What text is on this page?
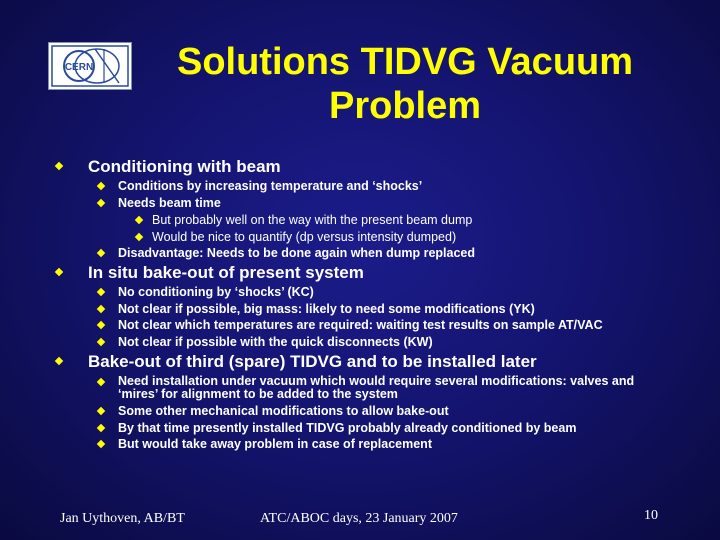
CERN	Solutions TIDVG Vacuum
Problem
Conditioning with beam
Conditions by increasing temperature and ‘shocks’
Needs beam time
But probably well on the way with the present beam dump
Would be nice to quantify (dp versus intensity dumped)
Disadvantage: Needs to be done again when dump replaced
In situ bake-out of present system
No conditioning by ‘shocks’ (KC)
Not clear if possible, big mass: likely to need some modifications (YK)
Not clear which temperatures are required: waiting test results on sample AT/VAC
Not clear if possible with the quick disconnects (KW)
Bake-out of third (spare) TIDVG and to be installed later
Need installation under vacuum which would require several modifications: valves and ‘mires’ for alignment to be added to the system
Some other mechanical modifications to allow bake-out
By that time presently installed TIDVG probably already conditioned by beam
But would take away problem in case of replacement
Jan Uythoven, AB/BT	ATC/ABOC days, 23 January 2007	10
